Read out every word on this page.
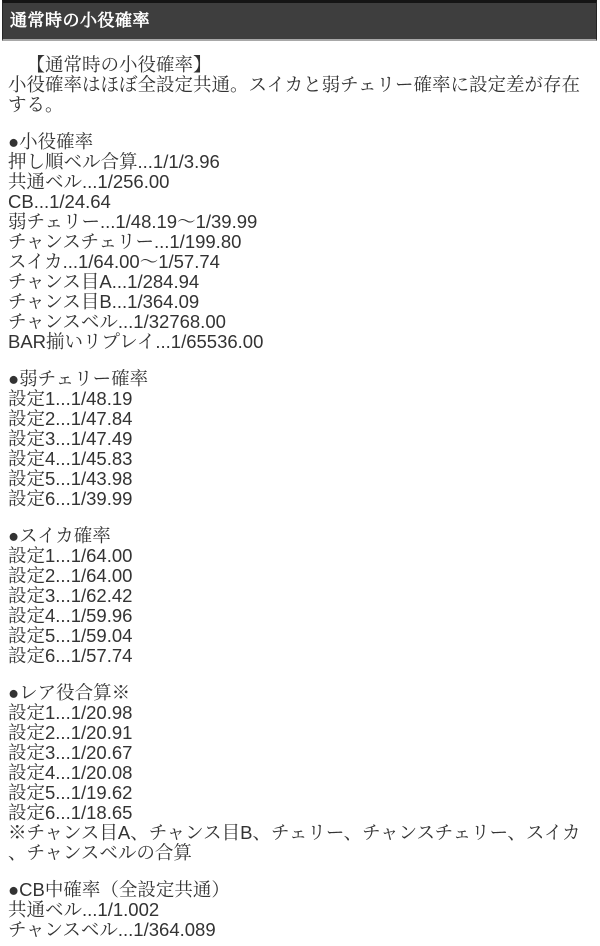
通常時の小役確率
【通常時の小役確率】
小役確率はほぼ全設定共通。スイカと弱チェリー確率に設定差が存在する。
●小役確率
押し順ベル合算...1/1/3.96
共通ベル...1/256.00
CB...1/24.64
弱チェリー...1/48.19～1/39.99
チャンスチェリー...1/199.80
スイカ...1/64.00～1/57.74
チャンス目A...1/284.94
チャンス目B...1/364.09
チャンスベル...1/32768.00
BAR揃いリプレイ...1/65536.00
●弱チェリー確率
設定1...1/48.19
設定2...1/47.84
設定3...1/47.49
設定4...1/45.83
設定5...1/43.98
設定6...1/39.99
●スイカ確率
設定1...1/64.00
設定2...1/64.00
設定3...1/62.42
設定4...1/59.96
設定5...1/59.04
設定6...1/57.74
●レア役合算※
設定1...1/20.98
設定2...1/20.91
設定3...1/20.67
設定4...1/20.08
設定5...1/19.62
設定6...1/18.65
※チャンス目A、チャンス目B、チェリー、チャンスチェリー、スイカ、チャンスベルの合算
●CB中確率（全設定共通）
共通ベル...1/1.002
チャンスベル...1/364.089
